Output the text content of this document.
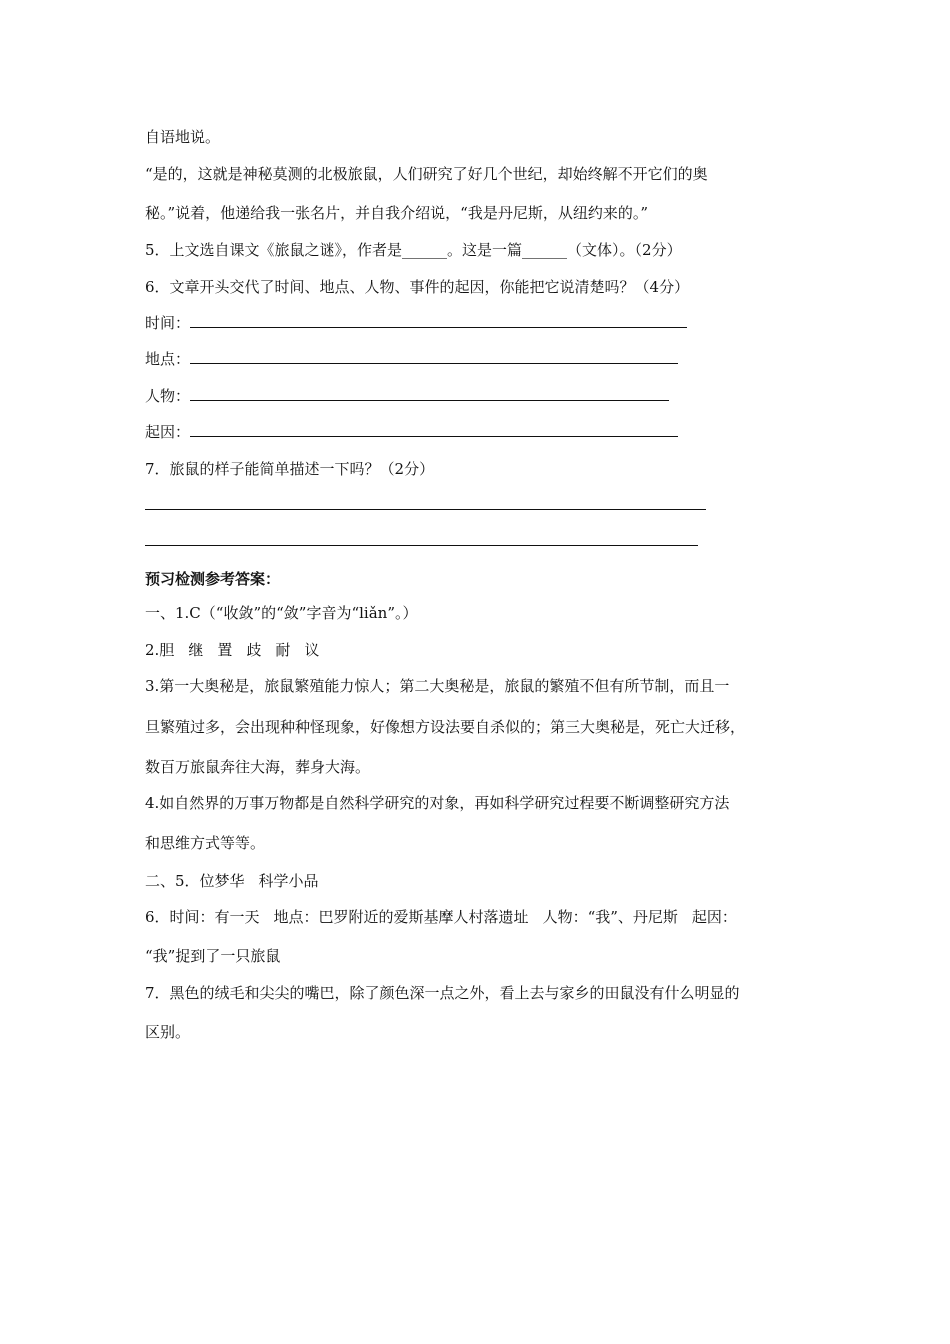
自语地说。
“是的，这就是神秘莫测的北极旅鼠，人们研究了好几个世纪，却始终解不开它们的奥
秘。”说着，他递给我一张名片，并自我介绍说，“我是丹尼斯，从纽约来的。”
5．上文选自课文《旅鼠之谜》，作者是______。这是一篇______（文体）。（2分）
6．文章开头交代了时间、地点、人物、事件的起因，你能把它说清楚吗？（4分）
时间：
地点：
人物：
起因：
7．旅鼠的样子能简单描述一下吗？（2分）
预习检测参考答案：
一、1.C（“收敛”的“敛”字音为“liǎn”。）
2.胆 继 置 歧 耐 议
3.第一大奥秘是，旅鼠繁殖能力惊人；第二大奥秘是，旅鼠的繁殖不但有所节制，而且一
旦繁殖过多，会出现种种怪现象，好像想方设法要自杀似的；第三大奥秘是，死亡大迁移，
数百万旅鼠奔往大海，葬身大海。
4.如自然界的万事万物都是自然科学研究的对象，再如科学研究过程要不断调整研究方法
和思维方式等等。
二、5．位梦华 科学小品
6．时间：有一天 地点：巴罗附近的爱斯基摩人村落遗址 人物：“我”、丹尼斯 起因：
“我”捉到了一只旅鼠
7．黑色的绒毛和尖尖的嘴巴，除了颜色深一点之外，看上去与家乡的田鼠没有什么明显的
区别。
